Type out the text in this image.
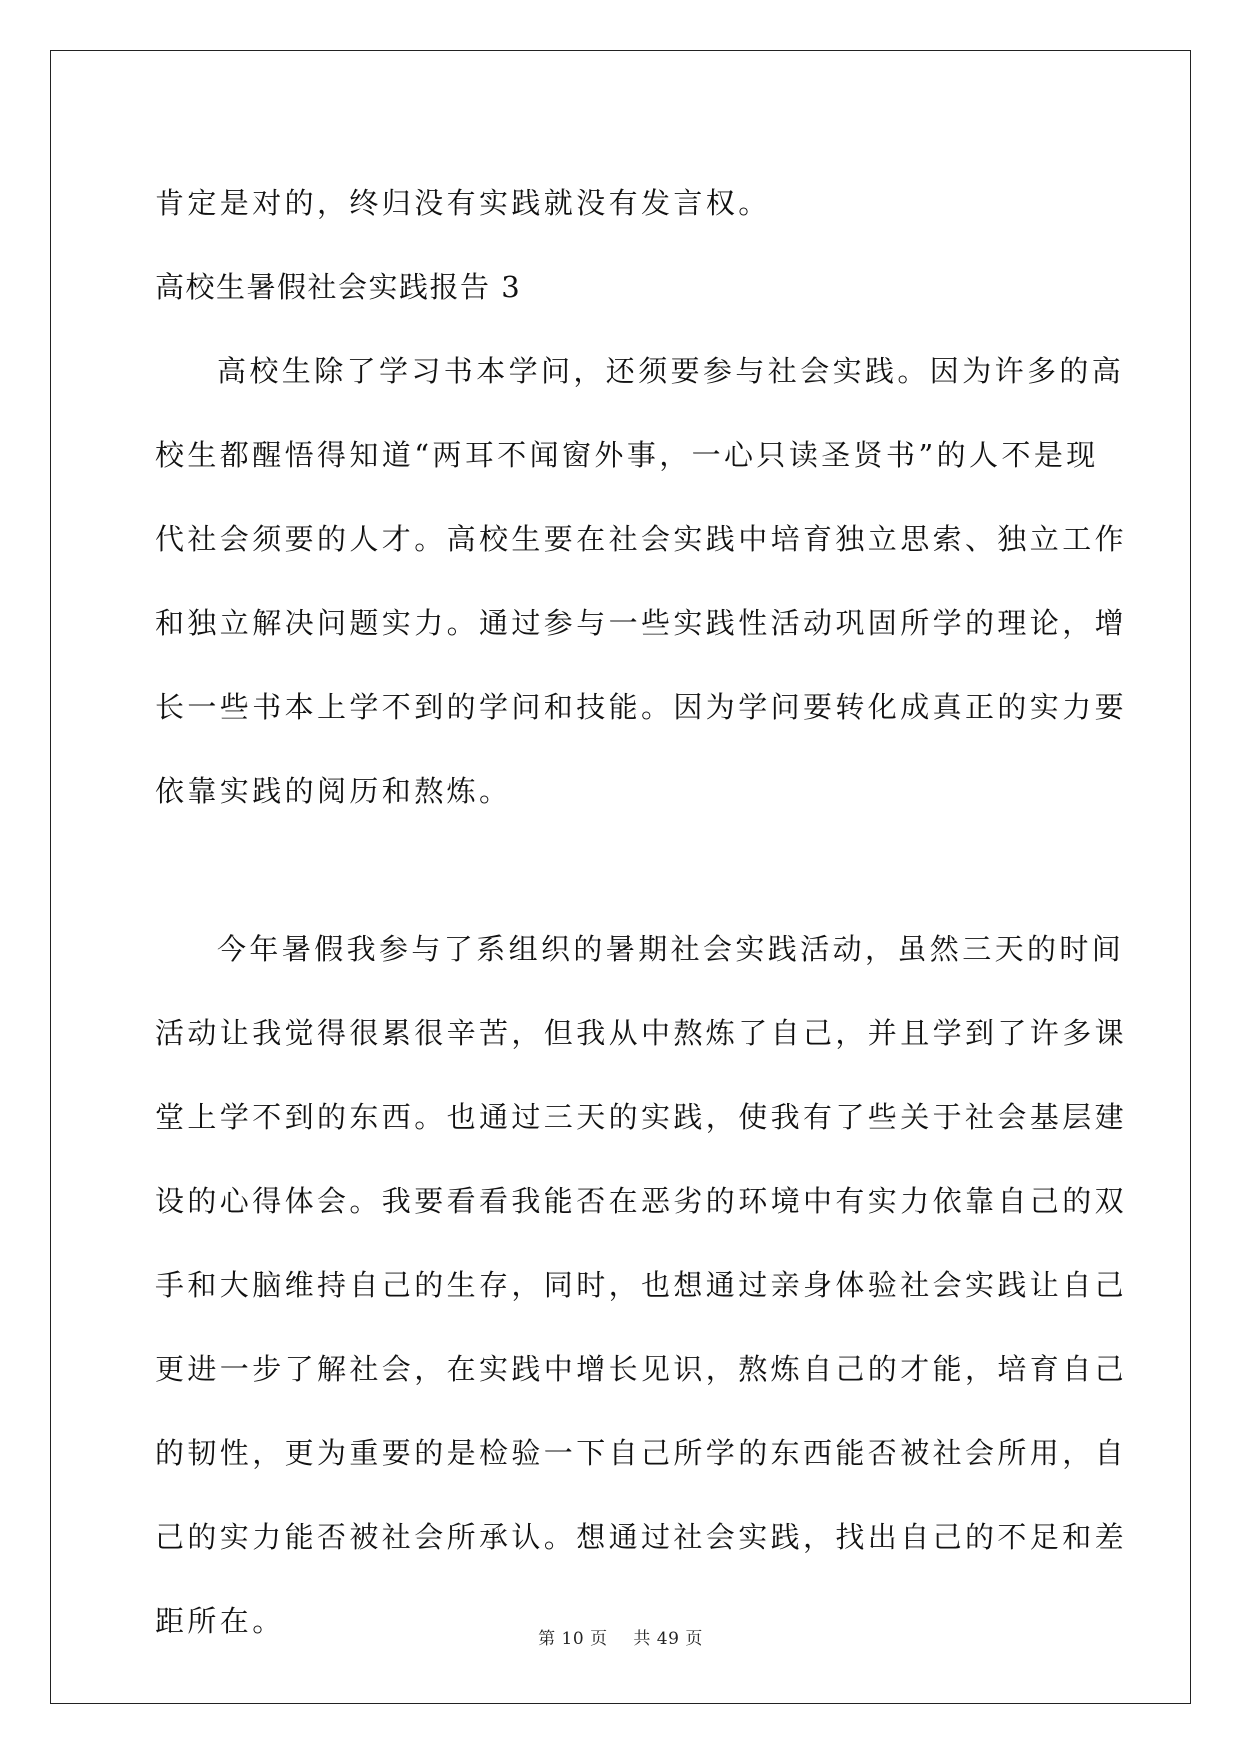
肯定是对的，终归没有实践就没有发言权。
高校生暑假社会实践报告 3
高校生除了学习书本学问，还须要参与社会实践。因为许多的高
校生都醒悟得知道“两耳不闻窗外事，一心只读圣贤书”的人不是现
代社会须要的人才。高校生要在社会实践中培育独立思索、独立工作
和独立解决问题实力。通过参与一些实践性活动巩固所学的理论，增
长一些书本上学不到的学问和技能。因为学问要转化成真正的实力要
依靠实践的阅历和熬炼。
今年暑假我参与了系组织的暑期社会实践活动，虽然三天的时间
活动让我觉得很累很辛苦，但我从中熬炼了自己，并且学到了许多课
堂上学不到的东西。也通过三天的实践，使我有了些关于社会基层建
设的心得体会。我要看看我能否在恶劣的环境中有实力依靠自己的双
手和大脑维持自己的生存，同时，也想通过亲身体验社会实践让自己
更进一步了解社会，在实践中增长见识，熬炼自己的才能，培育自己
的韧性，更为重要的是检验一下自己所学的东西能否被社会所用，自
己的实力能否被社会所承认。想通过社会实践，找出自己的不足和差
距所在。
第 10 页 共 49 页
